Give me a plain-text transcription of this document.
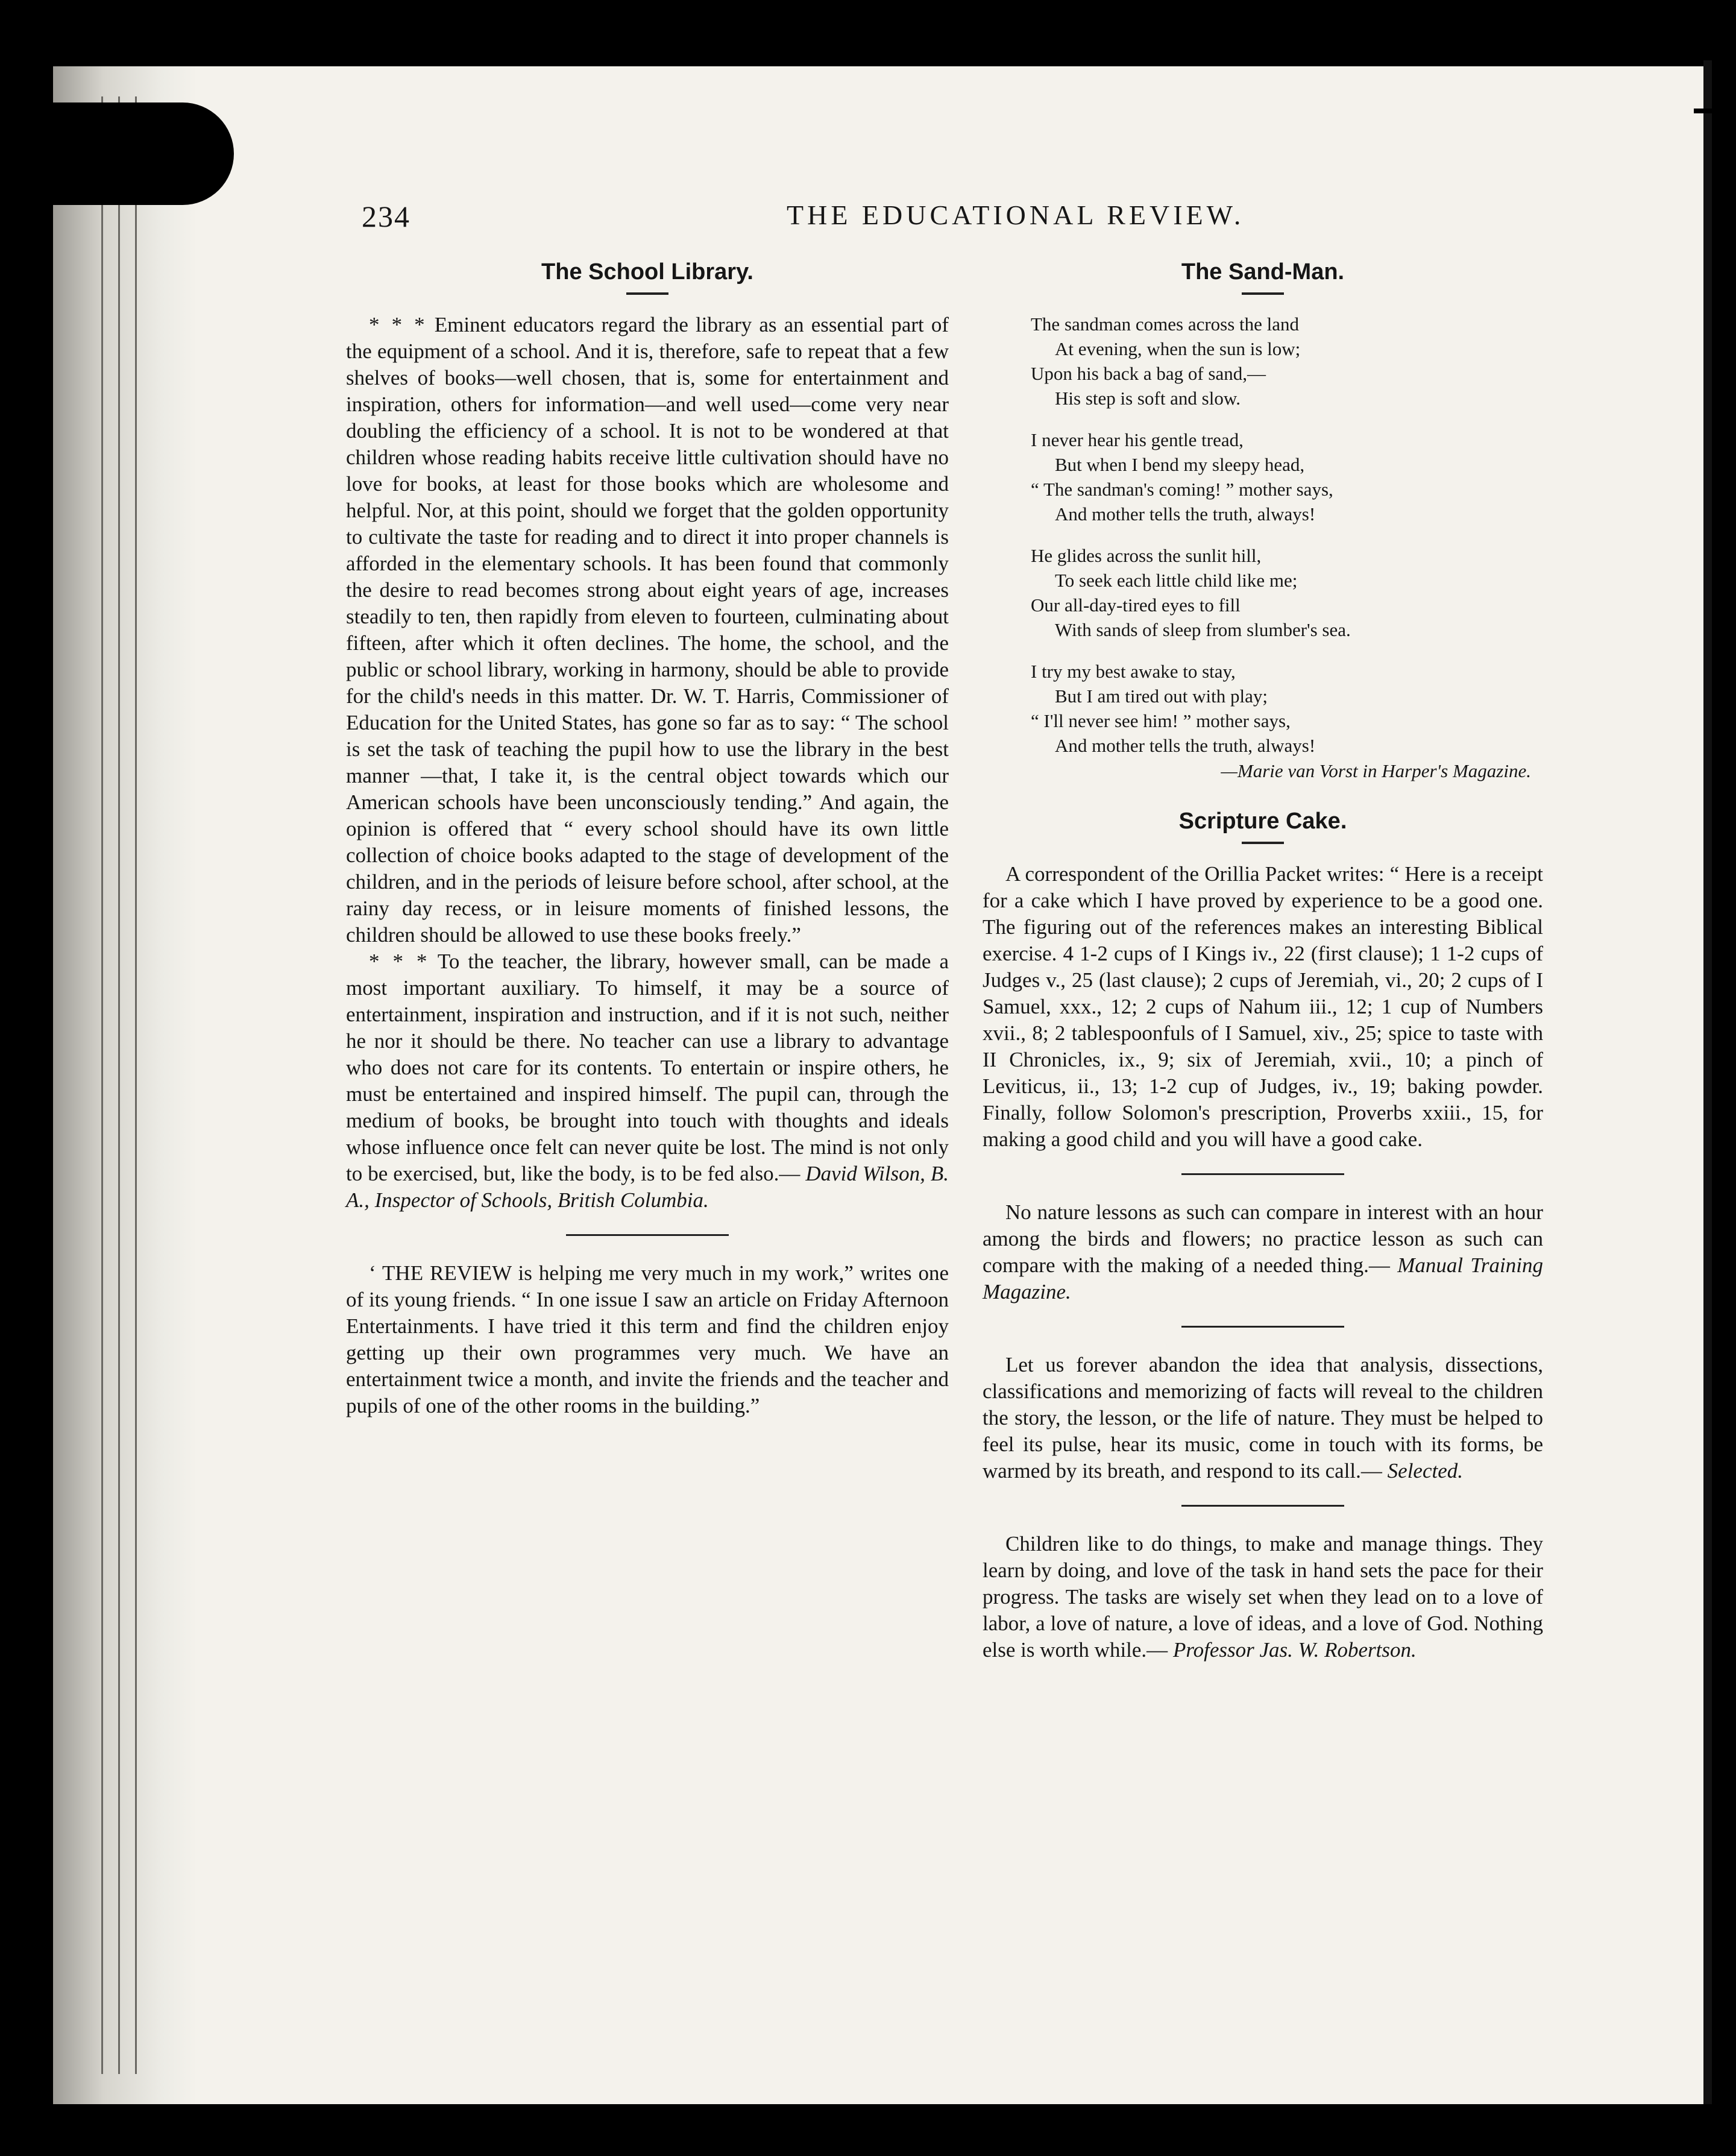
234	THE EDUCATIONAL REVIEW.
The School Library.

* * * Eminent educators regard the library as an essential part of the equipment of a school. And it is, therefore, safe to repeat that a few shelves of books—well chosen, that is, some for entertainment and inspiration, others for information—and well used—come very near doubling the efficiency of a school. It is not to be wondered at that children whose reading habits receive little cultivation should have no love for books, at least for those books which are wholesome and helpful. Nor, at this point, should we forget that the golden opportunity to cultivate the taste for reading and to direct it into proper channels is afforded in the elementary schools. It has been found that commonly the desire to read becomes strong about eight years of age, increases steadily to ten, then rapidly from eleven to fourteen, culminating about fifteen, after which it often declines. The home, the school, and the public or school library, working in harmony, should be able to provide for the child's needs in this matter. Dr. W. T. Harris, Commissioner of Education for the United States, has gone so far as to say: “ The school is set the task of teaching the pupil how to use the library in the best manner —that, I take it, is the central object towards which our American schools have been unconsciously tending.” And again, the opinion is offered that “ every school should have its own little collection of choice books adapted to the stage of development of the children, and in the periods of leisure before school, after school, at the rainy day recess, or in leisure moments of finished lessons, the children should be allowed to use these books freely.”

* * * To the teacher, the library, however small, can be made a most important auxiliary. To himself, it may be a source of entertainment, inspiration and instruction, and if it is not such, neither he nor it should be there. No teacher can use a library to advantage who does not care for its contents. To entertain or inspire others, he must be entertained and inspired himself. The pupil can, through the medium of books, be brought into touch with thoughts and ideals whose influence once felt can never quite be lost. The mind is not only to be exercised, but, like the body, is to be fed also.— David Wilson, B. A., Inspector of Schools, British Columbia.

‘ THE REVIEW is helping me very much in my work,” writes one of its young friends. “ In one issue I saw an article on Friday Afternoon Entertainments. I have tried it this term and find the children enjoy getting up their own programmes very much. We have an entertainment twice a month, and invite the friends and the teacher and pupils of one of the other rooms in the building.”

The Sand-Man.
The sandman comes across the land
At evening, when the sun is low;
Upon his back a bag of sand,—
His step is soft and slow.
I never hear his gentle tread,
But when I bend my sleepy head,
“ The sandman's coming! ” mother says,
And mother tells the truth, always!
He glides across the sunlit hill,
To seek each little child like me;
Our all-day-tired eyes to fill
With sands of sleep from slumber's sea.
I try my best awake to stay,
But I am tired out with play;
“ I'll never see him! ” mother says,
And mother tells the truth, always!
—Marie van Vorst in Harper's Magazine.
Scripture Cake.

A correspondent of the Orillia Packet writes: “ Here is a receipt for a cake which I have proved by experience to be a good one. The figuring out of the references makes an interesting Biblical exercise. 4 1-2 cups of I Kings iv., 22 (first clause); 1 1-2 cups of Judges v., 25 (last clause); 2 cups of Jeremiah, vi., 20; 2 cups of I Samuel, xxx., 12; 2 cups of Nahum iii., 12; 1 cup of Numbers xvii., 8; 2 tablespoonfuls of I Samuel, xiv., 25; spice to taste with II Chronicles, ix., 9; six of Jeremiah, xvii., 10; a pinch of Leviticus, ii., 13; 1-2 cup of Judges, iv., 19; baking powder. Finally, follow Solomon's prescription, Proverbs xxiii., 15, for making a good child and you will have a good cake.

No nature lessons as such can compare in interest with an hour among the birds and flowers; no practice lesson as such can compare with the making of a needed thing.— Manual Training Magazine.

Let us forever abandon the idea that analysis, dissections, classifications and memorizing of facts will reveal to the children the story, the lesson, or the life of nature. They must be helped to feel its pulse, hear its music, come in touch with its forms, be warmed by its breath, and respond to its call.— Selected.

Children like to do things, to make and manage things. They learn by doing, and love of the task in hand sets the pace for their progress. The tasks are wisely set when they lead on to a love of labor, a love of nature, a love of ideas, and a love of God. Nothing else is worth while.— Professor Jas. W. Robertson.
